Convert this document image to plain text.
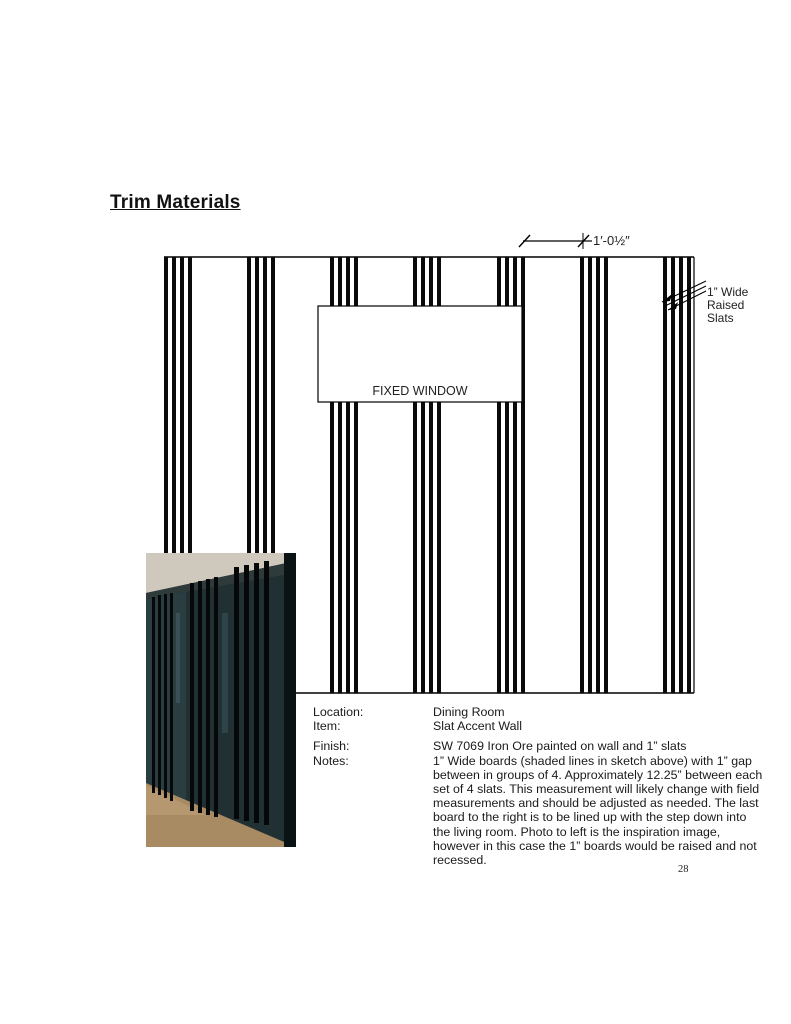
Trim Materials
FIXED WINDOW
1′-0½″
1” Wide
Raised
Slats
Location:	Dining Room
Item:	Slat Accent Wall
Finish:	SW 7069 Iron Ore painted on wall and 1” slats
Notes:	1” Wide boards (shaded lines in sketch above) with 1” gap between in groups of 4. Approximately 12.25” between each set of 4 slats. This measurement will likely change with field measurements and should be adjusted as needed. The last board to the right is to be lined up with the step down into the living room. Photo to left is the inspiration image, however in this case the 1” boards would be raised and not recessed.
28
